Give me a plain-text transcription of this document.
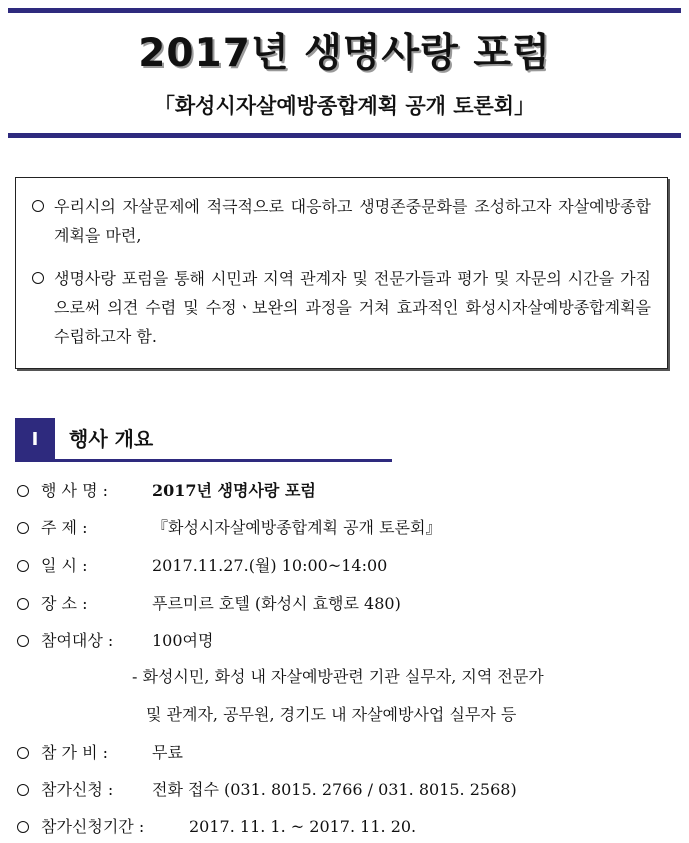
2017년 생명사랑 포럼
「화성시자살예방종합계획 공개 토론회」
우리시의 자살문제에 적극적으로 대응하고 생명존중문화를 조성하고자 자살예방종합계획을 마련,
생명사랑 포럼을 통해 시민과 지역 관계자 및 전문가들과 평가 및 자문의 시간을 가짐으로써 의견 수렴 및 수정ㆍ보완의 과정을 거쳐 효과적인 화성시자살예방종합계획을 수립하고자 함.
Ⅰ	행사 개요
행 사 명 :	2017년 생명사랑 포럼
주 제 :	『화성시자살예방종합계획 공개 토론회』
일 시 :	2017.11.27.(월) 10:00~14:00
장 소 :	푸르미르 호텔 (화성시 효행로 480)
참여대상 : 100여명
- 화성시민, 화성 내 자살예방관련 기관 실무자, 지역 전문가
및 관계자, 공무원, 경기도 내 자살예방사업 실무자 등
참 가 비 :	무료
참가신청 : 전화 접수 (031. 8015. 2766 / 031. 8015. 2568)
참가신청기간 :	2017. 11. 1. ~ 2017. 11. 20.
